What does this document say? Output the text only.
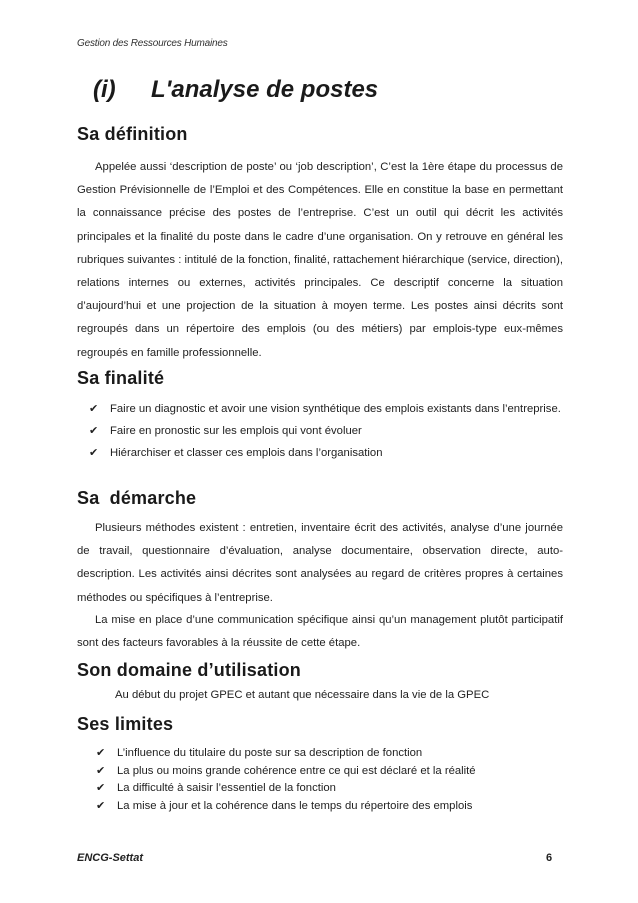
Gestion des Ressources Humaines
(i) L'analyse de postes
Sa définition

Appelée aussi ‘description de poste’ ou ‘job description’, C’est la 1ère étape du processus de Gestion Prévisionnelle de l’Emploi et des Compétences. Elle en constitue la base en permettant la connaissance précise des postes de l’entreprise. C’est un outil qui décrit les activités principales et la finalité du poste dans le cadre d’une organisation. On y retrouve en général les rubriques suivantes : intitulé de la fonction, finalité, rattachement hiérarchique (service, direction), relations internes ou externes, activités principales. Ce descriptif concerne la situation d’aujourd’hui et une projection de la situation à moyen terme. Les postes ainsi décrits sont regroupés dans un répertoire des emplois (ou des métiers) par emplois-type eux-mêmes regroupés en famille professionnelle.

Sa finalité
✔ Faire un diagnostic et avoir une vision synthétique des emplois existants dans l’entreprise.
✔ Faire en pronostic sur les emplois qui vont évoluer
✔ Hiérarchiser et classer ces emplois dans l’organisation
Sa démarche

Plusieurs méthodes existent : entretien, inventaire écrit des activités, analyse d’une journée de travail, questionnaire d’évaluation, analyse documentaire, observation directe, auto-description. Les activités ainsi décrites sont analysées au regard de critères propres à certaines méthodes ou spécifiques à l’entreprise.

La mise en place d’une communication spécifique ainsi qu’un management plutôt participatif sont des facteurs favorables à la réussite de cette étape.

Son domaine d’utilisation
Au début du projet GPEC et autant que nécessaire dans la vie de la GPEC
Ses limites
✔ L’influence du titulaire du poste sur sa description de fonction
✔ La plus ou moins grande cohérence entre ce qui est déclaré et la réalité
✔ La difficulté à saisir l’essentiel de la fonction
✔ La mise à jour et la cohérence dans le temps du répertoire des emplois
ENCG-Settat	6
